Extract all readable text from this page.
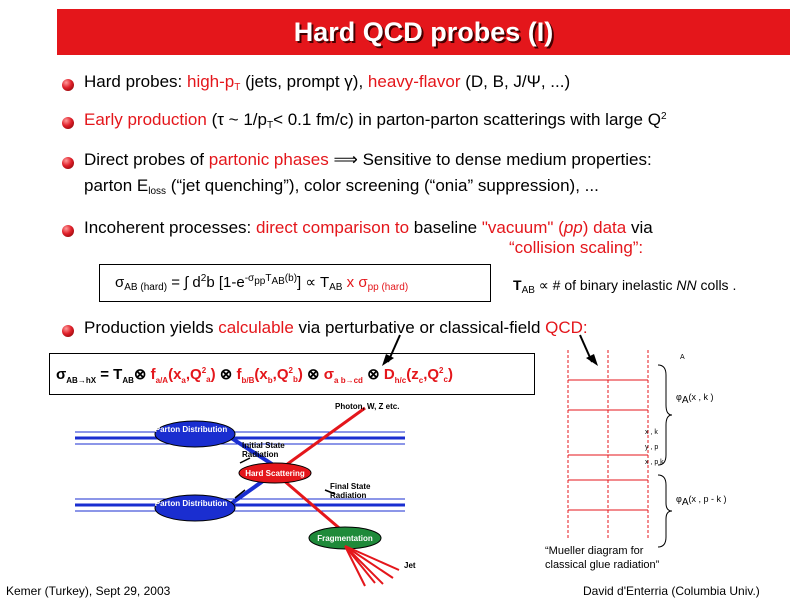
Hard QCD probes (I)
Hard probes: high-$p_T$ (jets, prompt γ), heavy-flavor (D, B, J/Ψ, ...)
Early production (τ ~ $1/p_T< 0.1$ fm/c) in parton-parton scatterings with large $Q^2$
Direct probes of partonic phases ⟹ Sensitive to dense medium properties:
parton $E_{loss}$ (“jet quenching”), color screening (“onia” suppression), ...
Incoherent processes: direct comparison to baseline "vacuum" (pp) data via
“collision scaling”:
$\sigma_{AB (hard)}$ = ∫ $d^2b$ $[1-e^{-\sigma_{pp}T_{AB}(b)}] \propto T_{AB}$ x $\sigma_{pp (hard)}$	$T_{AB}$ ∝ # of binary inelastic NN colls .
Production yields calculable via perturbative or classical-field QCD:
$\sigma_{AB\to hX}$ = $T_{AB}\otimes$ $f_{a/A}(x_a,Q^2_a)$ ⊗ $f_{b/B}(x_b,Q^2_b)$ ⊗ $\sigma_{a b\to cd}$ ⊗ $D_{h/c}(z_c,Q^2_c)$
Parton Distribution
Parton Distribution
Initial State Radiation
Hard Scattering
Final State Radiation
Fragmentation
Photon, W, Z etc.
Jet
A
$\varphi_A(x$ , k )
x , k
y , p
x , p k
$\varphi_A(x$ , p - k )
“Mueller diagram for
classical glue radiation”
Kemer (Turkey), Sept 29, 2003	David d'Enterria (Columbia Univ.)
